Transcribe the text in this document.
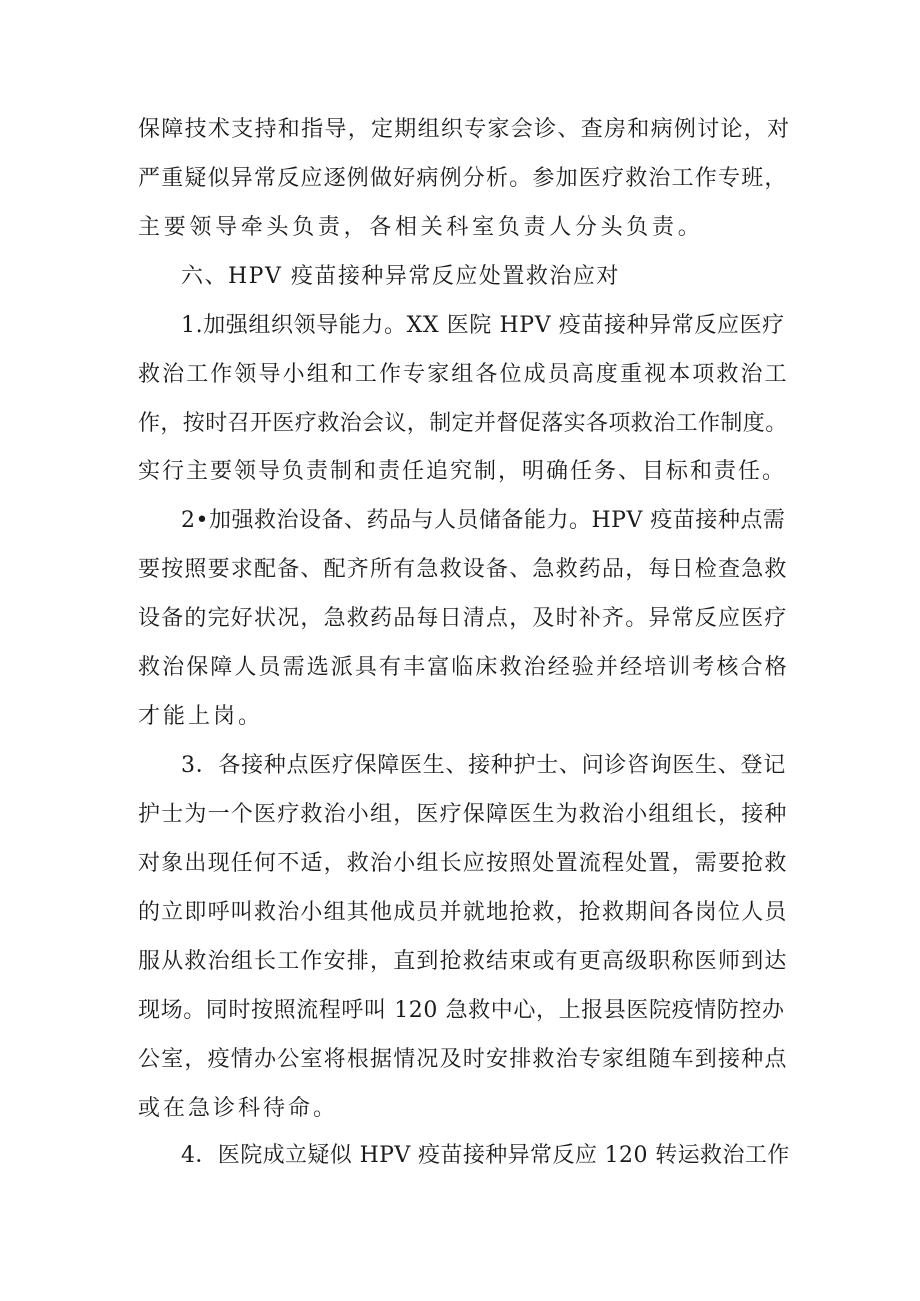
保障技术支持和指导，定期组织专家会诊、查房和病例讨论，对
严重疑似异常反应逐例做好病例分析。参加医疗救治工作专班，
主要领导牵头负责，各相关科室负责人分头负责。
六、HPV 疫苗接种异常反应处置救治应对
1.加强组织领导能力。XX 医院 HPV 疫苗接种异常反应医疗
救治工作领导小组和工作专家组各位成员高度重视本项救治工
作，按时召开医疗救治会议，制定并督促落实各项救治工作制度。
实行主要领导负责制和责任追究制，明确任务、目标和责任。
2•加强救治设备、药品与人员储备能力。HPV 疫苗接种点需
要按照要求配备、配齐所有急救设备、急救药品，每日检查急救
设备的完好状况，急救药品每日清点，及时补齐。异常反应医疗
救治保障人员需选派具有丰富临床救治经验并经培训考核合格
才能上岗。
3．各接种点医疗保障医生、接种护士、问诊咨询医生、登记
护士为一个医疗救治小组，医疗保障医生为救治小组组长，接种
对象出现任何不适，救治小组长应按照处置流程处置，需要抢救
的立即呼叫救治小组其他成员并就地抢救，抢救期间各岗位人员
服从救治组长工作安排，直到抢救结束或有更高级职称医师到达
现场。同时按照流程呼叫 120 急救中心，上报县医院疫情防控办
公室，疫情办公室将根据情况及时安排救治专家组随车到接种点
或在急诊科待命。
4．医院成立疑似 HPV 疫苗接种异常反应 120 转运救治工作
